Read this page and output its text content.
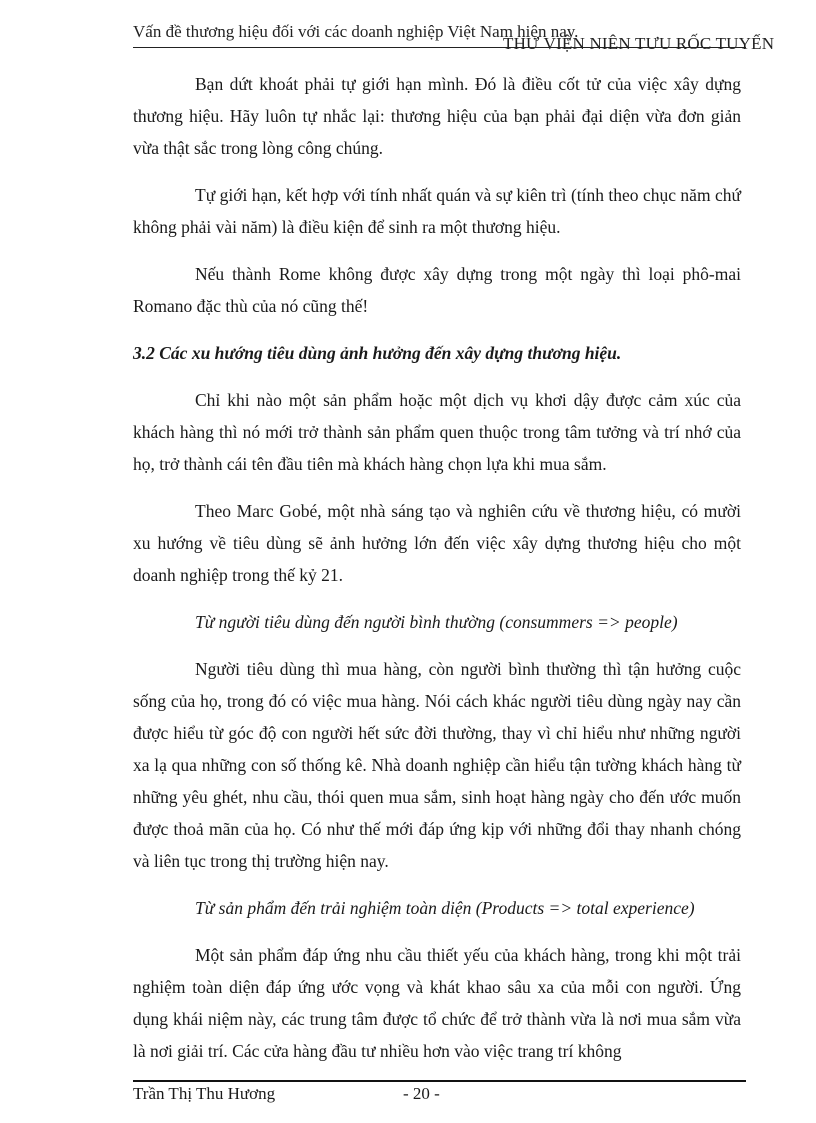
Vấn đề thương hiệu đối với các doanh nghiệp Việt Nam hiện nay.
THƯ VIỆN NIÊN TƯU RỐC TUYẾN

Bạn dứt khoát phải tự giới hạn mình. Đó là điều cốt tử của việc xây dựng thương hiệu. Hãy luôn tự nhắc lại: thương hiệu của bạn phải đại diện vừa đơn giản vừa thật sắc trong lòng công chúng.

Tự giới hạn, kết hợp với tính nhất quán và sự kiên trì (tính theo chục năm chứ không phải vài năm) là điều kiện để sinh ra một thương hiệu.

Nếu thành Rome không được xây dựng trong một ngày thì loại phô-mai Romano đặc thù của nó cũng thế!

3.2 Các xu hướng tiêu dùng ảnh hưởng đến xây dựng thương hiệu.

Chỉ khi nào một sản phẩm hoặc một dịch vụ khơi dậy được cảm xúc của khách hàng thì nó mới trở thành sản phẩm quen thuộc trong tâm tưởng và trí nhớ của họ, trở thành cái tên đầu tiên mà khách hàng chọn lựa khi mua sắm.

Theo Marc Gobé, một nhà sáng tạo và nghiên cứu về thương hiệu, có mười xu hướng về tiêu dùng sẽ ảnh hưởng lớn đến việc xây dựng thương hiệu cho một doanh nghiệp trong thế kỷ 21.

Từ người tiêu dùng đến người bình thường (consummers => people)

Người tiêu dùng thì mua hàng, còn người bình thường thì tận hưởng cuộc sống của họ, trong đó có việc mua hàng. Nói cách khác người tiêu dùng ngày nay cần được hiểu từ góc độ con người hết sức đời thường, thay vì chỉ hiểu như những người xa lạ qua những con số thống kê. Nhà doanh nghiệp cần hiểu tận tường khách hàng từ những yêu ghét, nhu cầu, thói quen mua sắm, sinh hoạt hàng ngày cho đến ước muốn được thoả mãn của họ. Có như thế mới đáp ứng kịp với những đổi thay nhanh chóng và liên tục trong thị trường hiện nay.

Từ sản phẩm đến trải nghiệm toàn diện (Products => total experience)

Một sản phẩm đáp ứng nhu cầu thiết yếu của khách hàng, trong khi một trải nghiệm toàn diện đáp ứng ước vọng và khát khao sâu xa của mỗi con người. Ứng dụng khái niệm này, các trung tâm được tổ chức để trở thành vừa là nơi mua sắm vừa là nơi giải trí. Các cửa hàng đầu tư nhiều hơn vào việc trang trí không

Trần Thị Thu Hương	- 20 -
